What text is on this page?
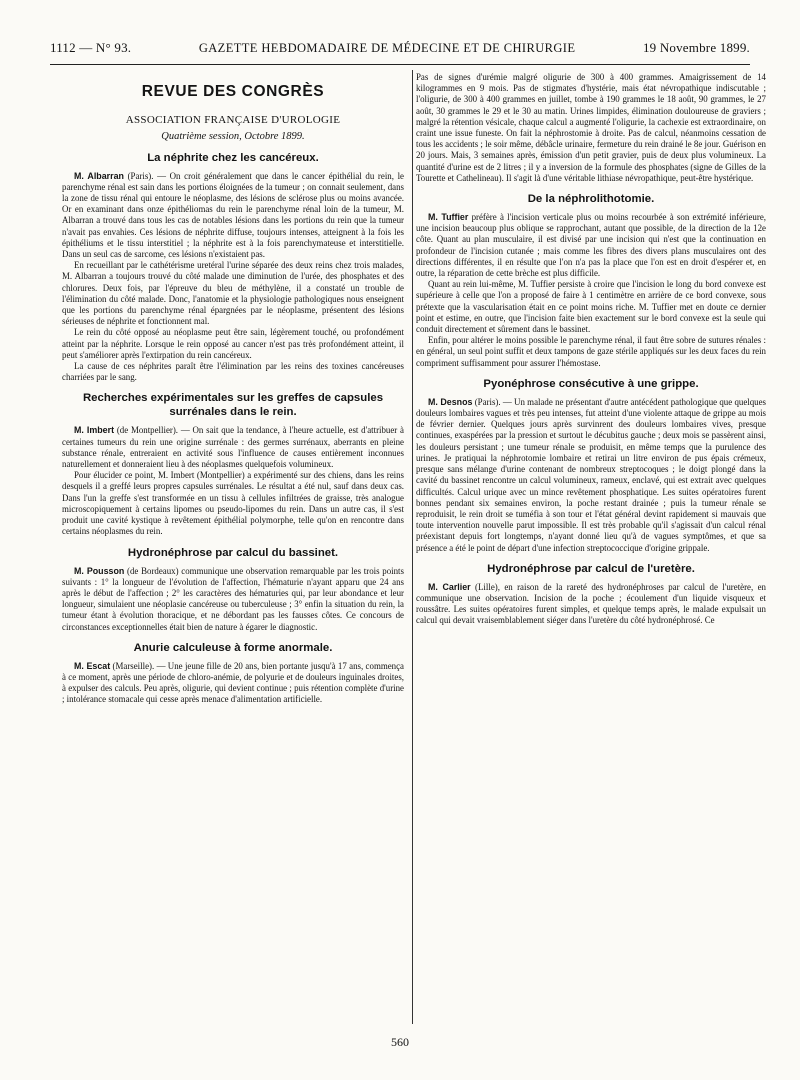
1112 — N° 93.	GAZETTE HEBDOMADAIRE DE MÉDECINE ET DE CHIRURGIE	19 Novembre 1899.
REVUE DES CONGRÈS
ASSOCIATION FRANÇAISE D'UROLOGIE
Quatrième session, Octobre 1899.
La néphrite chez les cancéreux.

M. Albarran (Paris). — On croit généralement que dans le cancer épithélial du rein, le parenchyme rénal est sain dans les portions éloignées de la tumeur ; on connait seulement, dans la zone de tissu rénal qui entoure le néoplasme, des lésions de sclérose plus ou moins avancée. Or en examinant dans onze épithéliomas du rein le parenchyme rénal loin de la tumeur, M. Albarran a trouvé dans tous les cas de notables lésions dans les portions du rein que la tumeur n'avait pas envahies. Ces lésions de néphrite diffuse, toujours intenses, atteignent à la fois les épithéliums et le tissu interstitiel ; la néphrite est à la fois parenchymateuse et interstitielle. Dans un seul cas de sarcome, ces lésions n'existaient pas.

En recueillant par le cathétérisme uretéral l'urine séparée des deux reins chez trois malades, M. Albarran a toujours trouvé du côté malade une diminution de l'urée, des phosphates et des chlorures. Deux fois, par l'épreuve du bleu de méthylène, il a constaté un trouble de l'élimination du côté malade. Donc, l'anatomie et la physiologie pathologiques nous enseignent que les portions du parenchyme rénal épargnées par le néoplasme, présentent des lésions sérieuses de néphrite et fonctionnent mal.

Le rein du côté opposé au néoplasme peut être sain, légèrement touché, ou profondément atteint par la néphrite. Lorsque le rein opposé au cancer n'est pas très profondément atteint, il peut s'améliorer après l'extirpation du rein cancéreux.

La cause de ces néphrites paraît être l'élimination par les reins des toxines cancéreuses charriées par le sang.

Recherches expérimentales sur les greffes de capsules surrénales dans le rein.

M. Imbert (de Montpellier). — On sait que la tendance, à l'heure actuelle, est d'attribuer à certaines tumeurs du rein une origine surrénale : des germes surrénaux, aberrants en pleine substance rénale, entreraient en activité sous l'influence de causes entièrement inconnues naturellement et donneraient lieu à des néoplasmes quelquefois volumineux.

Pour élucider ce point, M. Imbert (Montpellier) a expérimenté sur des chiens, dans les reins desquels il a greffé leurs propres capsules surrénales. Le résultat a été nul, sauf dans deux cas. Dans l'un la greffe s'est transformée en un tissu à cellules infiltrées de graisse, très analogue microscopiquement à certains lipomes ou pseudo-lipomes du rein. Dans un autre cas, il s'est produit une cavité kystique à revêtement épithélial polymorphe, telle qu'on en rencontre dans certains néoplasmes du rein.

Hydronéphrose par calcul du bassinet.

M. Pousson (de Bordeaux) communique une observation remarquable par les trois points suivants : 1° la longueur de l'évolution de l'affection, l'hématurie n'ayant apparu que 24 ans après le début de l'affection ; 2° les caractères des hématuries qui, par leur abondance et leur longueur, simulaient une néoplasie cancéreuse ou tuberculeuse ; 3° enfin la situation du rein, la tumeur étant à évolution thoracique, et ne débordant pas les fausses côtes. Ce concours de circonstances exceptionnelles était bien de nature à égarer le diagnostic.

Anurie calculeuse à forme anormale.

M. Escat (Marseille). — Une jeune fille de 20 ans, bien portante jusqu'à 17 ans, commença à ce moment, après une période de chloro-anémie, de polyurie et de douleurs inguinales droites, à expulser des calculs. Peu après, oligurie, qui devient continue ; puis rétention complète d'urine ; intolérance stomacale qui cesse après menace d'alimentation artificielle.

Pas de signes d'urémie malgré oligurie de 300 à 400 grammes. Amaigrissement de 14 kilogrammes en 9 mois. Pas de stigmates d'hystérie, mais état névropathique indiscutable ; l'oligurie, de 300 à 400 grammes en juillet, tombe à 190 grammes le 18 août, 90 grammes, le 27 août, 30 grammes le 29 et le 30 au matin. Urines limpides, élimination douloureuse de graviers ; malgré la rétention vésicale, chaque calcul a augmenté l'oligurie, la cachexie est extraordinaire, on craint une issue funeste. On fait la néphrostomie à droite. Pas de calcul, néanmoins cessation de tous les accidents ; le soir même, débâcle urinaire, fermeture du rein drainé le 8e jour. Guérison en 20 jours. Mais, 3 semaines après, émission d'un petit gravier, puis de deux plus volumineux. La quantité d'urine est de 2 litres ; il y a inversion de la formule des phosphates (signe de Gilles de la Tourette et Cathelineau). Il s'agit là d'une véritable lithiase névropathique, peut-être hystérique.

De la néphrolithotomie.

M. Tuffier préfère à l'incision verticale plus ou moins recourbée à son extrémité inférieure, une incision beaucoup plus oblique se rapprochant, autant que possible, de la direction de la 12e côte. Quant au plan musculaire, il est divisé par une incision qui n'est que la continuation en profondeur de l'incision cutanée ; mais comme les fibres des divers plans musculaires ont des directions différentes, il en résulte que l'on n'a pas la place que l'on est en droit d'espérer et, en outre, la réparation de cette brèche est plus difficile.

Quant au rein lui-même, M. Tuffier persiste à croire que l'incision le long du bord convexe est supérieure à celle que l'on a proposé de faire à 1 centimètre en arrière de ce bord convexe, sous prétexte que la vascularisation était en ce point moins riche. M. Tuffier met en doute ce dernier point et estime, en outre, que l'incision faite bien exactement sur le bord convexe est la seule qui conduit directement et sûrement dans le bassinet.

Enfin, pour altérer le moins possible le parenchyme rénal, il faut être sobre de sutures rénales : en général, un seul point suffit et deux tampons de gaze stérile appliqués sur les deux faces du rein compriment suffisamment pour assurer l'hémostase.

Pyonéphrose consécutive à une grippe.

M. Desnos (Paris). — Un malade ne présentant d'autre antécédent pathologique que quelques douleurs lombaires vagues et très peu intenses, fut atteint d'une violente attaque de grippe au mois de février dernier. Quelques jours après survinrent des douleurs lombaires vives, presque continues, exaspérées par la pression et surtout le décubitus gauche ; deux mois se passèrent ainsi, les douleurs persistant ; une tumeur rénale se produisit, en même temps que la purulence des urines. Je pratiquai la néphrotomie lombaire et retirai un litre environ de pus épais crémeux, presque sans mélange d'urine contenant de nombreux streptocoques ; le doigt plongé dans la cavité du bassinet rencontre un calcul volumineux, rameux, enclavé, qui est extrait avec quelques difficultés. Calcul urique avec un mince revêtement phosphatique. Les suites opératoires furent bonnes pendant six semaines environ, la poche restant drainée ; puis la tumeur rénale se reproduisit, le rein droit se tuméfia à son tour et l'état général devint rapidement si mauvais que toute intervention nouvelle parut impossible. Il est très probable qu'il s'agissait d'un calcul rénal préexistant depuis fort longtemps, n'ayant donné lieu qu'à de vagues symptômes, et que sa présence a été le point de départ d'une infection streptococcique d'origine grippale.

Hydronéphrose par calcul de l'uretère.

M. Carlier (Lille), en raison de la rareté des hydronéphroses par calcul de l'uretère, en communique une observation. Incision de la poche ; écoulement d'un liquide visqueux et roussâtre. Les suites opératoires furent simples, et quelque temps après, le malade expulsait un calcul qui devait vraisemblablement siéger dans l'uretère du côté hydronéphrosé. Ce

560
